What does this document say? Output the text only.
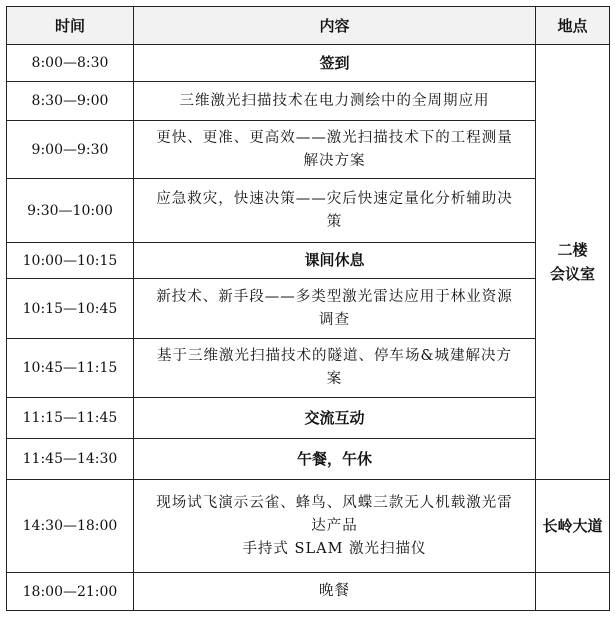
时间	内容	地点
8:00—8:30	签到	二楼
会议室

8:30—9:00	三维激光扫描技术在电力测绘中的全周期应用	

9:00—9:30	更快、更准、更高效——激光扫描技术下的工程测量
解决方案	

9:30—10:00	应急救灾，快速决策——灾后快速定量化分析辅助决
策	

10:00—10:15	课间休息	

10:15—10:45	新技术、新手段——多类型激光雷达应用于林业资源
调查	

10:45—11:15	基于三维激光扫描技术的隧道、停车场&城建解决方
案	

11:15—11:45	交流互动	

11:45—14:30	午餐，午休	

14:30—18:00	现场试飞演示云雀、蜂鸟、风蝶三款无人机载激光雷
达产品
手持式 SLAM 激光扫描仪	长岭大道
18:00—21:00	晚餐	
